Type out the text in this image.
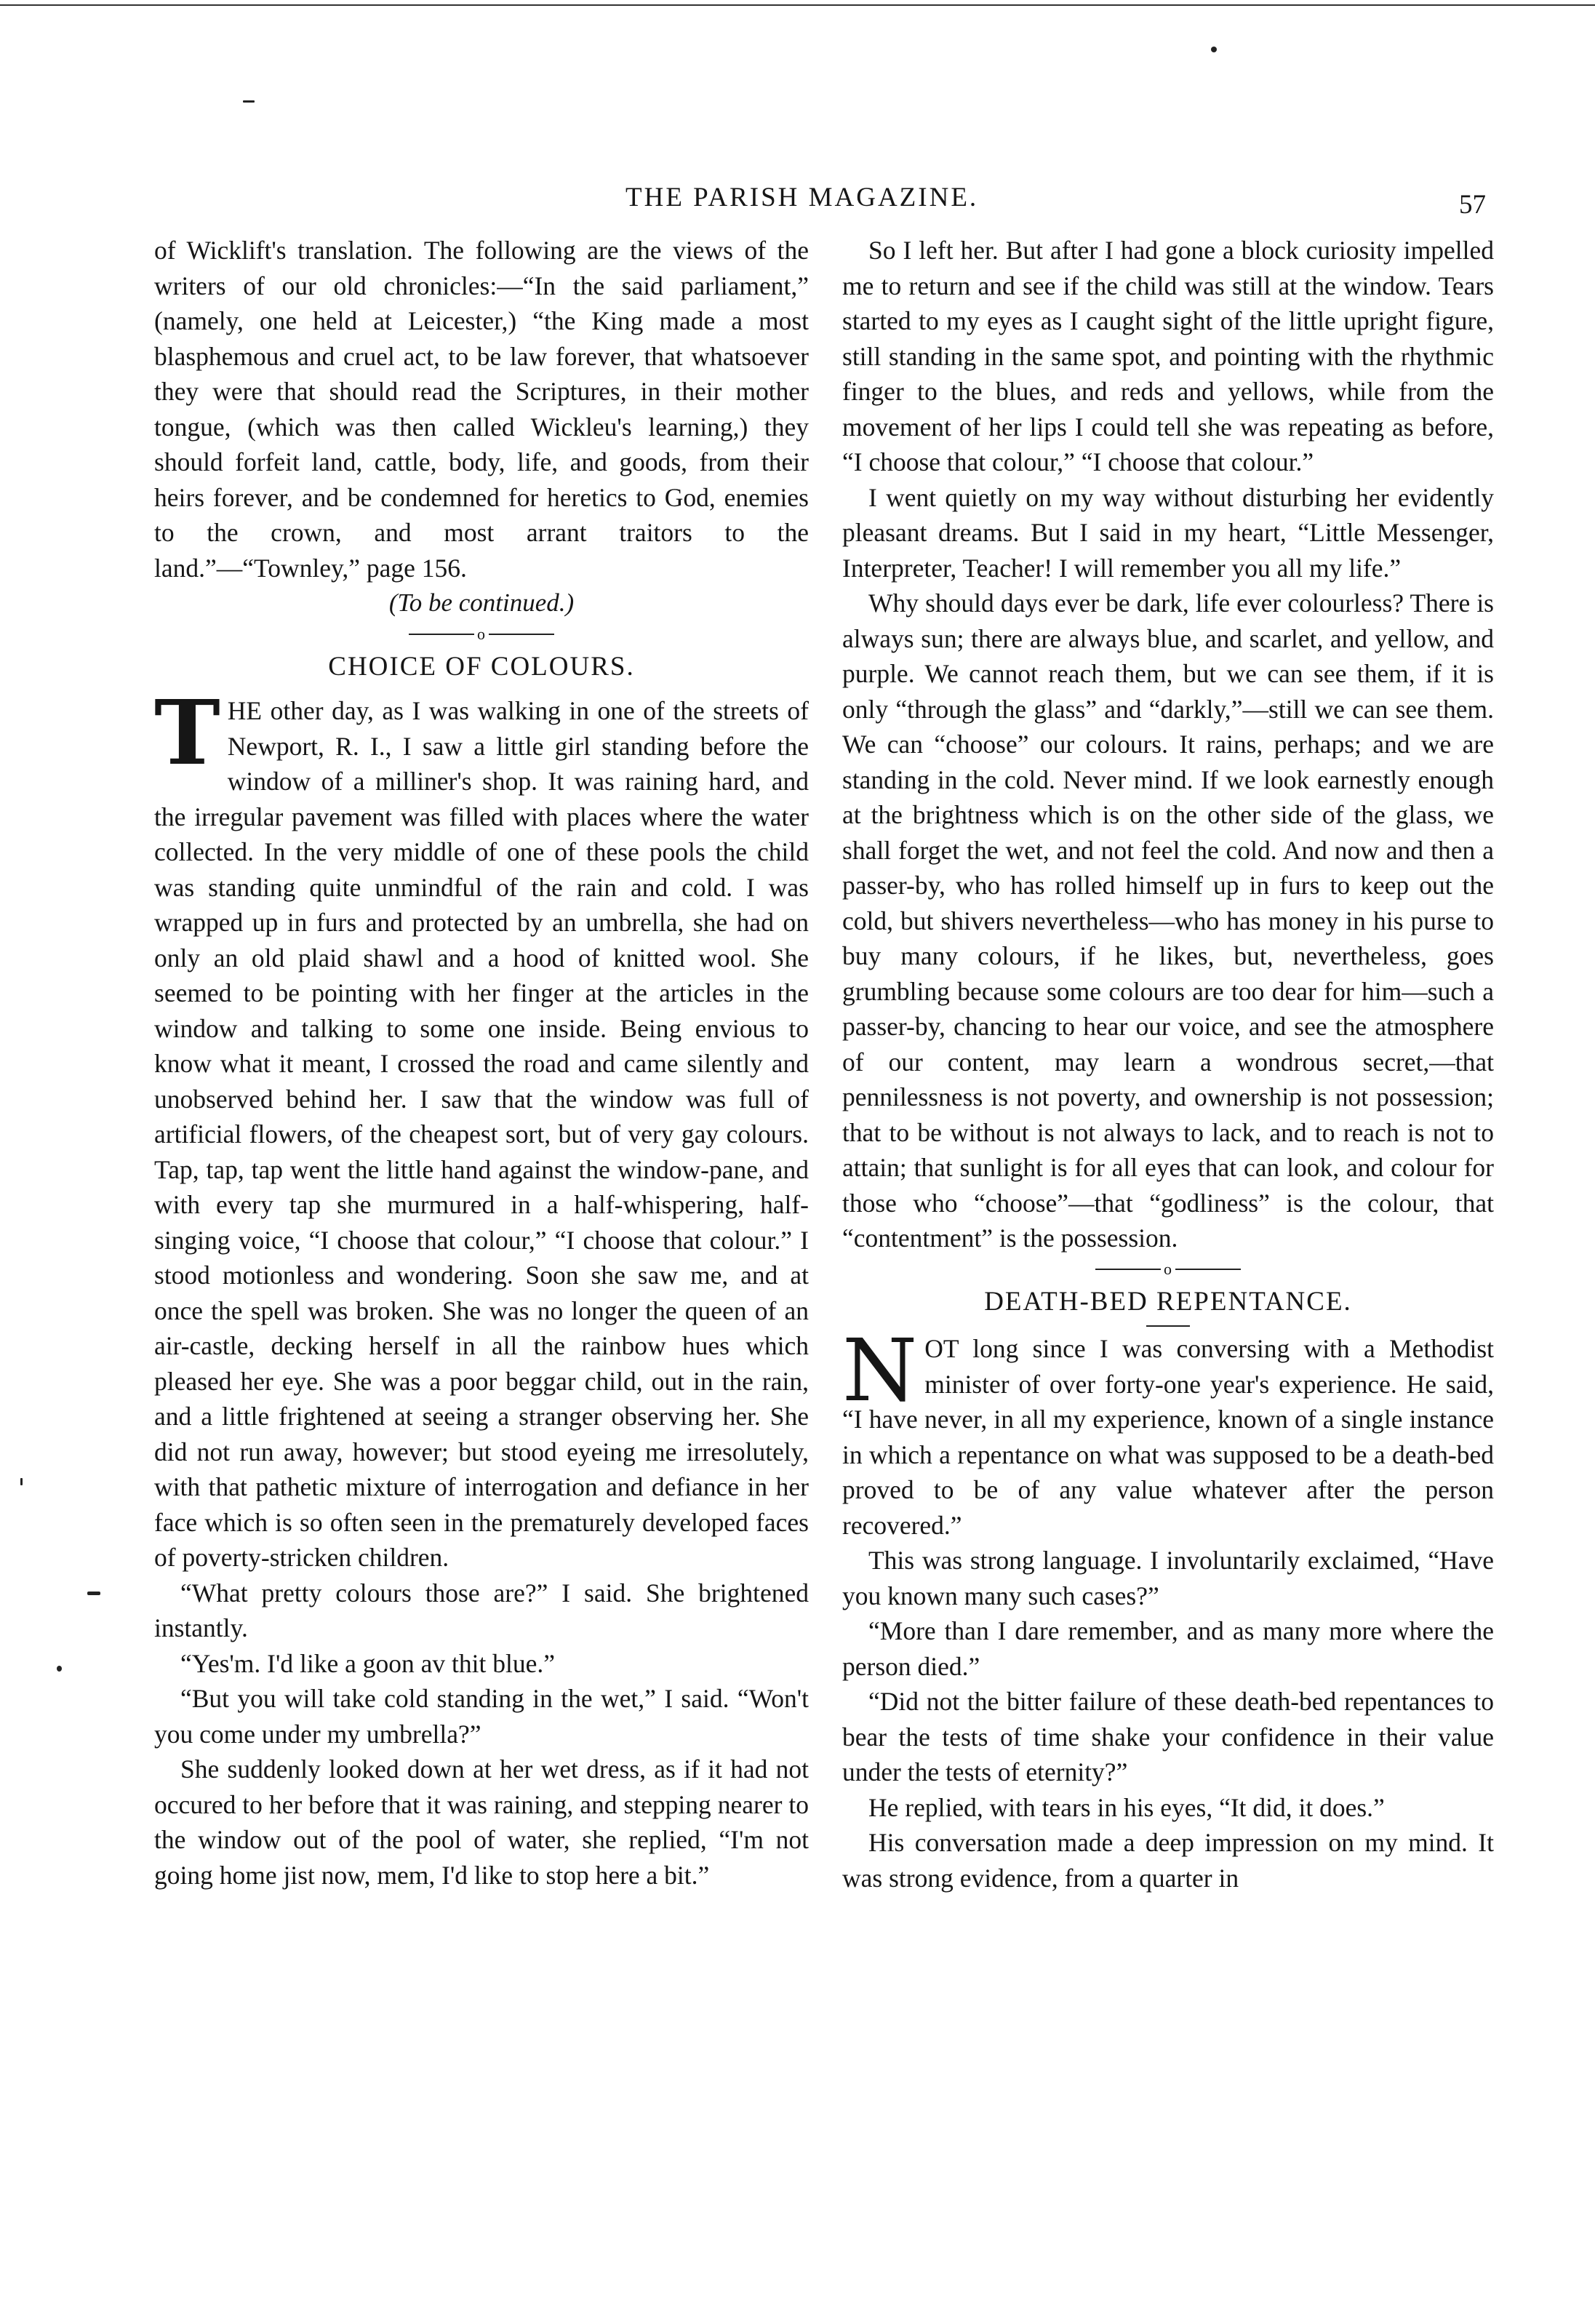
THE PARISH MAGAZINE.	57

of Wicklift's translation. The following are the views of the writers of our old chronicles:—“In the said parliament,” (namely, one held at Leicester,) “the King made a most blasphemous and cruel act, to be law forever, that whatsoever they were that should read the Scriptures, in their mother tongue, (which was then called Wickleu's learning,) they should forfeit land, cattle, body, life, and goods, from their heirs forever, and be condemned for heretics to God, enemies to the crown, and most arrant traitors to the land.”—“Townley,” page 156.

(To be continued.)

o
CHOICE OF COLOURS.

THE other day, as I was walking in one of the streets of Newport, R. I., I saw a little girl standing before the window of a milliner's shop. It was raining hard, and the irregular pavement was filled with places where the water collected. In the very middle of one of these pools the child was standing quite unmindful of the rain and cold. I was wrapped up in furs and protected by an umbrella, she had on only an old plaid shawl and a hood of knitted wool. She seemed to be pointing with her finger at the articles in the window and talking to some one inside. Being envious to know what it meant, I crossed the road and came silently and unobserved behind her. I saw that the window was full of artificial flowers, of the cheapest sort, but of very gay colours. Tap, tap, tap went the little hand against the window-pane, and with every tap she murmured in a half-whispering, half-singing voice, “I choose that colour,” “I choose that colour.” I stood motionless and wondering. Soon she saw me, and at once the spell was broken. She was no longer the queen of an air-castle, decking herself in all the rainbow hues which pleased her eye. She was a poor beggar child, out in the rain, and a little frightened at seeing a stranger observing her. She did not run away, however; but stood eyeing me irresolutely, with that pathetic mixture of interrogation and defiance in her face which is so often seen in the prematurely developed faces of poverty-stricken children.

“What pretty colours those are?” I said. She brightened instantly.

“Yes'm. I'd like a goon av thit blue.”

“But you will take cold standing in the wet,” I said. “Won't you come under my umbrella?”

She suddenly looked down at her wet dress, as if it had not occured to her before that it was raining, and stepping nearer to the window out of the pool of water, she replied, “I'm not going home jist now, mem, I'd like to stop here a bit.”

So I left her. But after I had gone a block curiosity impelled me to return and see if the child was still at the window. Tears started to my eyes as I caught sight of the little upright figure, still standing in the same spot, and pointing with the rhythmic finger to the blues, and reds and yellows, while from the movement of her lips I could tell she was repeating as before, “I choose that colour,” “I choose that colour.”

I went quietly on my way without disturbing her evidently pleasant dreams. But I said in my heart, “Little Messenger, Interpreter, Teacher! I will remember you all my life.”

Why should days ever be dark, life ever colourless? There is always sun; there are always blue, and scarlet, and yellow, and purple. We cannot reach them, but we can see them, if it is only “through the glass” and “darkly,”—still we can see them. We can “choose” our colours. It rains, perhaps; and we are standing in the cold. Never mind. If we look earnestly enough at the brightness which is on the other side of the glass, we shall forget the wet, and not feel the cold. And now and then a passer-by, who has rolled himself up in furs to keep out the cold, but shivers nevertheless—who has money in his purse to buy many colours, if he likes, but, nevertheless, goes grumbling because some colours are too dear for him—such a passer-by, chancing to hear our voice, and see the atmosphere of our content, may learn a wondrous secret,—that pennilessness is not poverty, and ownership is not possession; that to be without is not always to lack, and to reach is not to attain; that sunlight is for all eyes that can look, and colour for those who “choose”—that “godliness” is the colour, that “contentment” is the possession.

o
DEATH-BED REPENTANCE.

NOT long since I was conversing with a Methodist minister of over forty-one year's experience. He said, “I have never, in all my experience, known of a single instance in which a repentance on what was supposed to be a death-bed proved to be of any value whatever after the person recovered.”

This was strong language. I involuntarily exclaimed, “Have you known many such cases?”

“More than I dare remember, and as many more where the person died.”

“Did not the bitter failure of these death-bed repentances to bear the tests of time shake your confidence in their value under the tests of eternity?”

He replied, with tears in his eyes, “It did, it does.”

His conversation made a deep impression on my mind. It was strong evidence, from a quarter in
